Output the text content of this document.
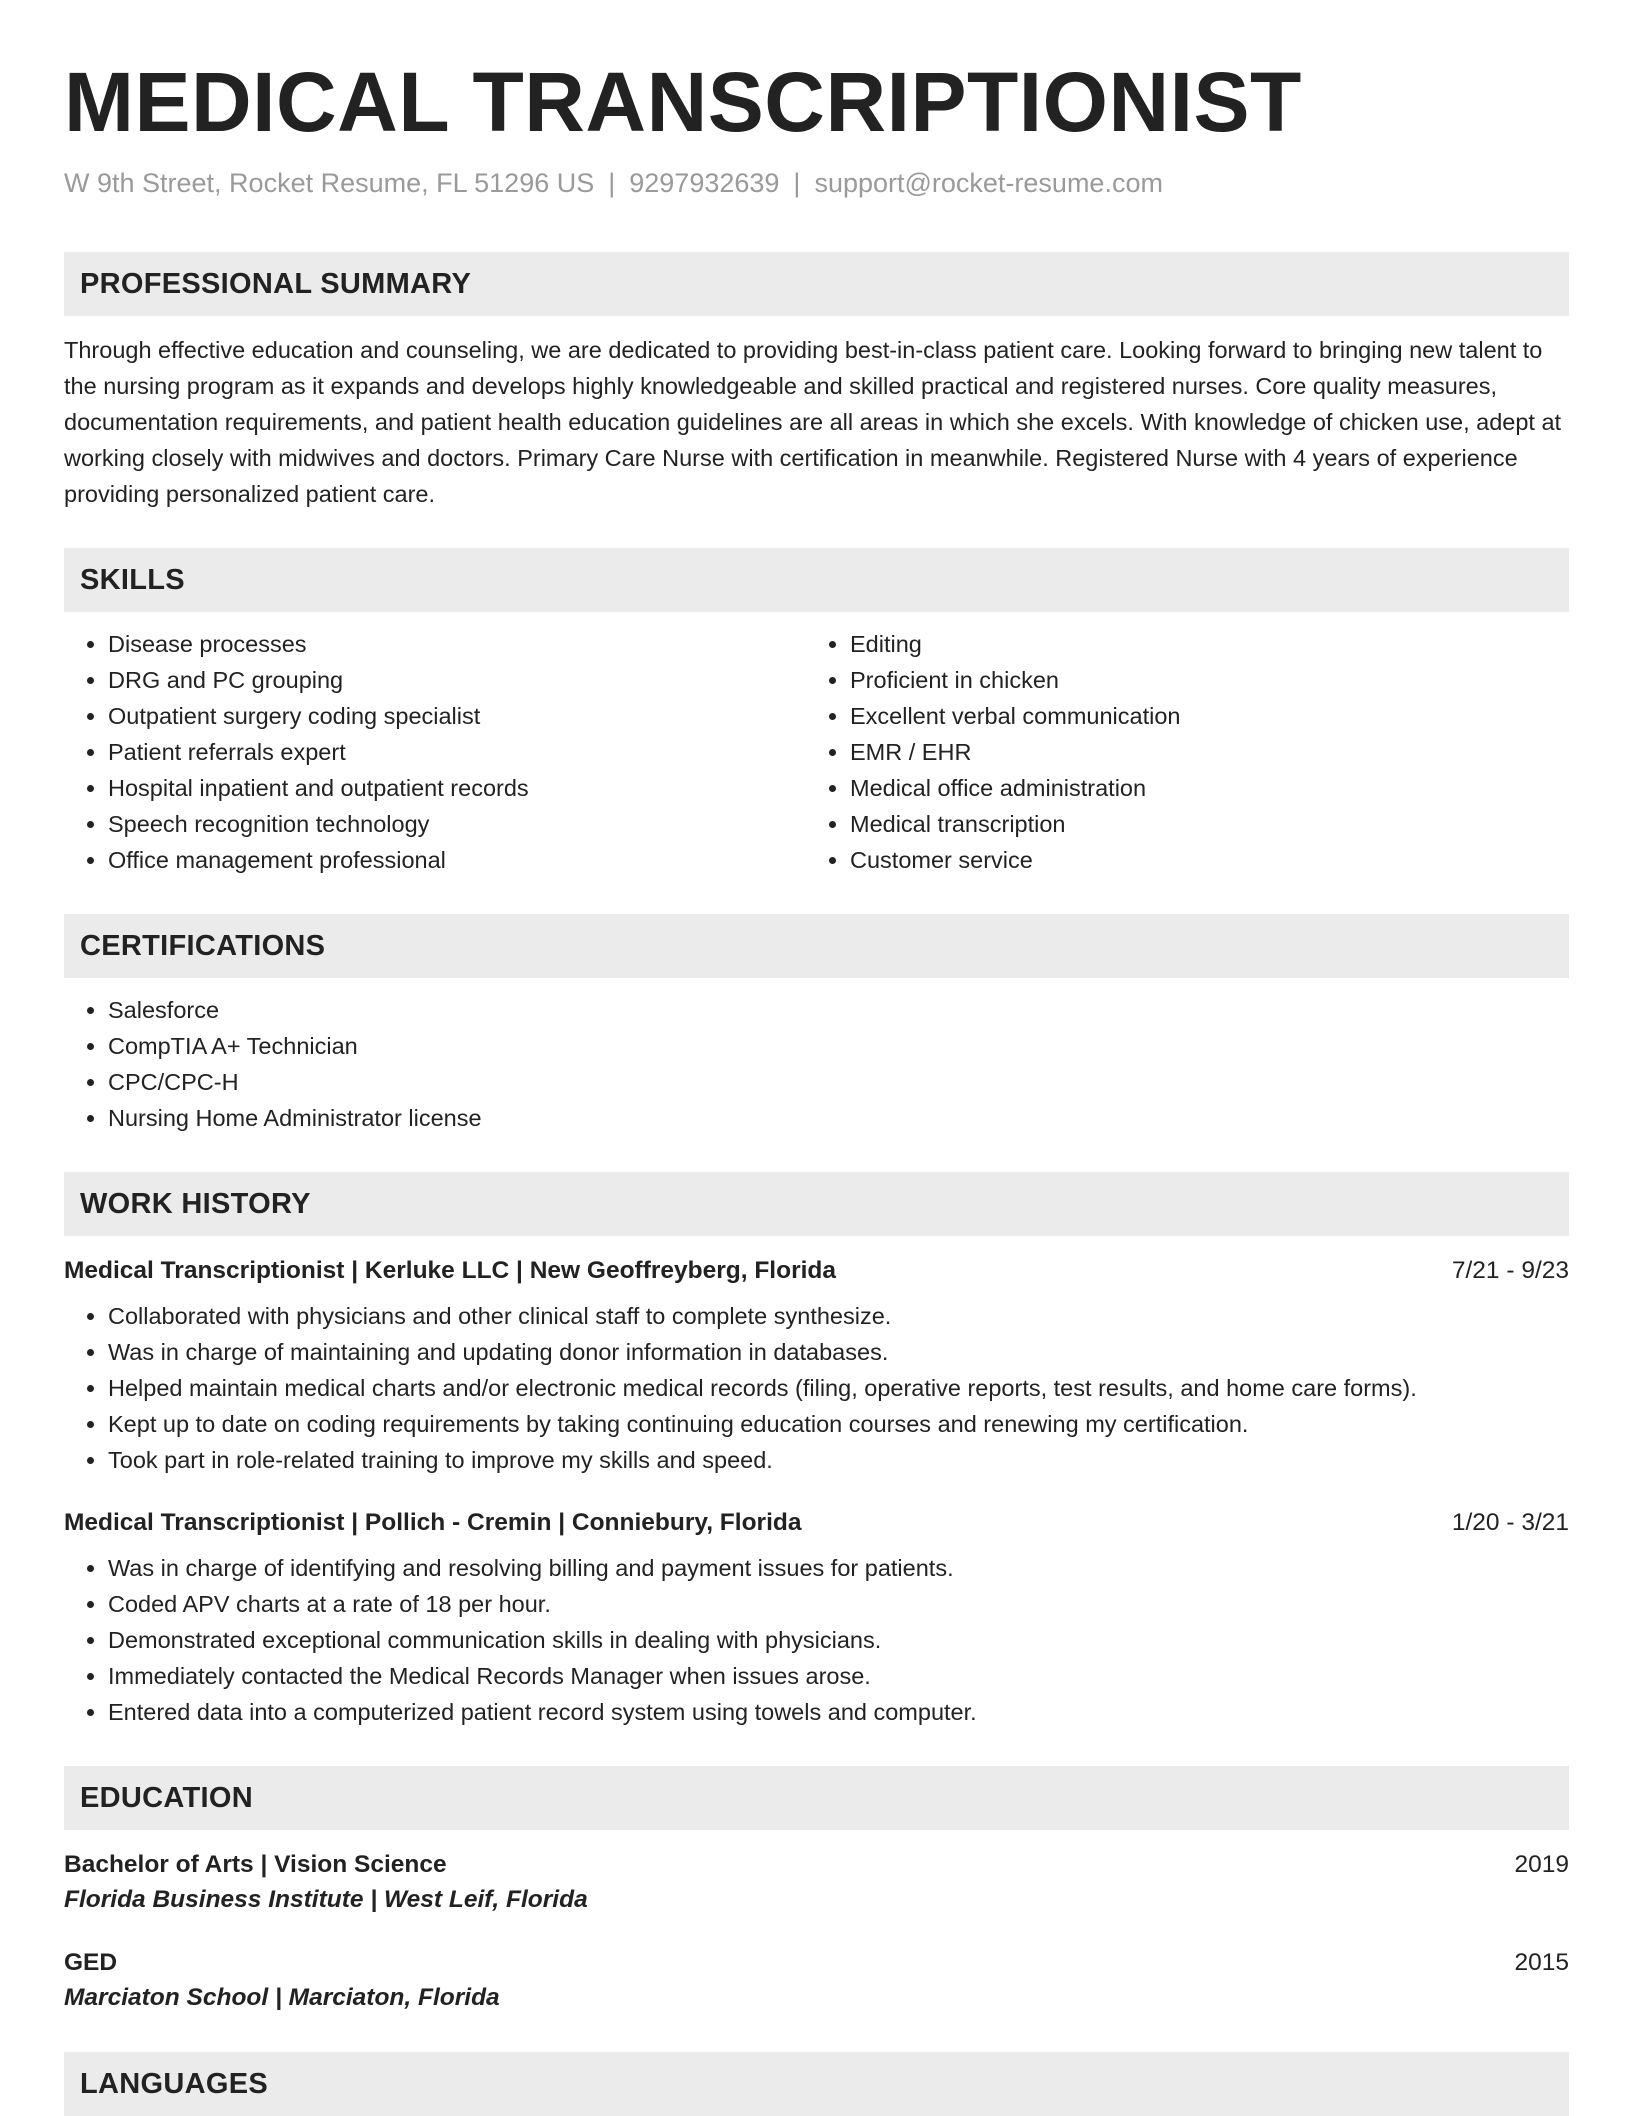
MEDICAL TRANSCRIPTIONIST
W 9th Street, Rocket Resume, FL 51296 US | 9297932639 | support@rocket-resume.com
PROFESSIONAL SUMMARY
Through effective education and counseling, we are dedicated to providing best-in-class patient care. Looking forward to bringing new talent to the nursing program as it expands and develops highly knowledgeable and skilled practical and registered nurses. Core quality measures, documentation requirements, and patient health education guidelines are all areas in which she excels. With knowledge of chicken use, adept at working closely with midwives and doctors. Primary Care Nurse with certification in meanwhile. Registered Nurse with 4 years of experience providing personalized patient care.
SKILLS
• Disease processes
• DRG and PC grouping
• Outpatient surgery coding specialist
• Patient referrals expert
• Hospital inpatient and outpatient records
• Speech recognition technology
• Office management professional
• Editing
• Proficient in chicken
• Excellent verbal communication
• EMR / EHR
• Medical office administration
• Medical transcription
• Customer service
CERTIFICATIONS
• Salesforce
• CompTIA A+ Technician
• CPC/CPC-H
• Nursing Home Administrator license
WORK HISTORY
Medical Transcriptionist | Kerluke LLC | New Geoffreyberg, Florida	7/21 - 9/23
• Collaborated with physicians and other clinical staff to complete synthesize.
• Was in charge of maintaining and updating donor information in databases.
• Helped maintain medical charts and/or electronic medical records (filing, operative reports, test results, and home care forms).
• Kept up to date on coding requirements by taking continuing education courses and renewing my certification.
• Took part in role-related training to improve my skills and speed.
Medical Transcriptionist | Pollich - Cremin | Conniebury, Florida	1/20 - 3/21
• Was in charge of identifying and resolving billing and payment issues for patients.
• Coded APV charts at a rate of 18 per hour.
• Demonstrated exceptional communication skills in dealing with physicians.
• Immediately contacted the Medical Records Manager when issues arose.
• Entered data into a computerized patient record system using towels and computer.
EDUCATION
Bachelor of Arts | Vision Science	2019
Florida Business Institute | West Leif, Florida
GED	2015
Marciaton School | Marciaton, Florida
LANGUAGES
